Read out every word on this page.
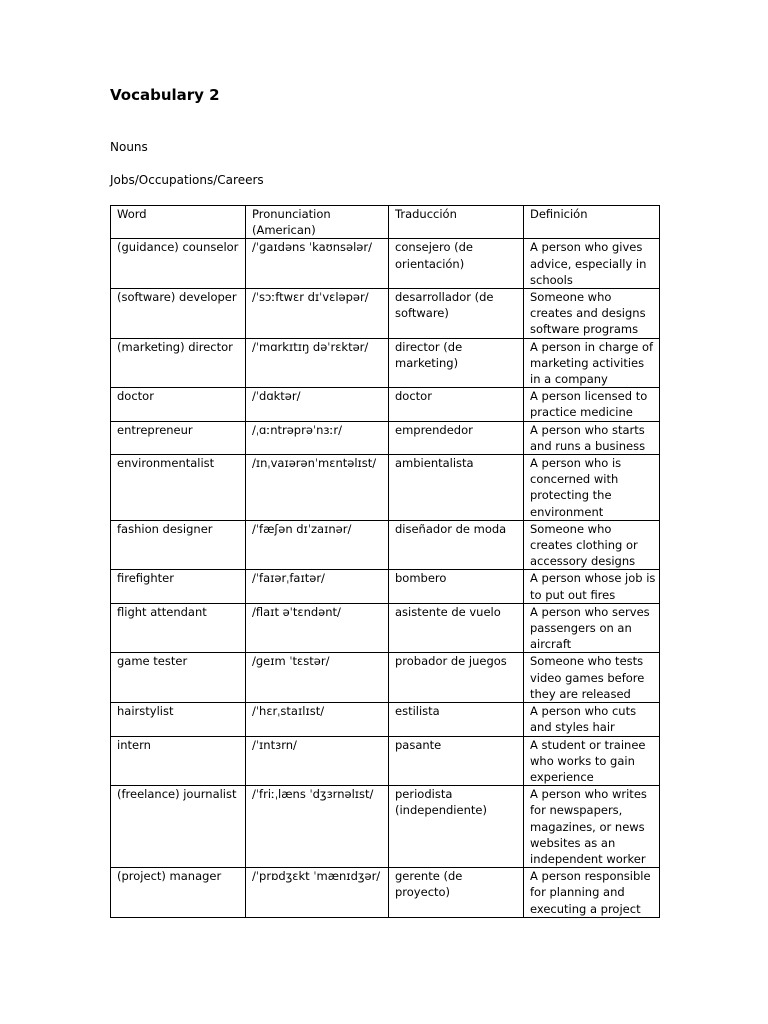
Vocabulary 2

Nouns

Jobs/Occupations/Careers

Word	Pronunciation (American)	Traducción	Definición
(guidance) counselor	/ˈɡaɪdəns ˈkaʊnsələr/	consejero (de orientación)	A person who gives advice, especially in schools
(software) developer	/ˈsɔːftwɛr dɪˈvɛləpər/	desarrollador (de software)	Someone who creates and designs software programs
(marketing) director	/ˈmɑrkɪtɪŋ dəˈrɛktər/	director (de marketing)	A person in charge of marketing activities in a company
doctor	/ˈdɑktər/	doctor	A person licensed to practice medicine
entrepreneur	/ˌɑːntrəprəˈnɜːr/	emprendedor	A person who starts and runs a business
environmentalist	/ɪnˌvaɪərənˈmɛntəlɪst/	ambientalista	A person who is concerned with protecting the environment
fashion designer	/ˈfæʃən dɪˈzaɪnər/	diseñador de moda	Someone who creates clothing or accessory designs
firefighter	/ˈfaɪərˌfaɪtər/	bombero	A person whose job is to put out fires
flight attendant	/flaɪt əˈtɛndənt/	asistente de vuelo	A person who serves passengers on an aircraft
game tester	/ɡeɪm ˈtɛstər/	probador de juegos	Someone who tests video games before they are released
hairstylist	/ˈhɛrˌstaɪlɪst/	estilista	A person who cuts and styles hair
intern	/ˈɪntɜrn/	pasante	A student or trainee who works to gain experience
(freelance) journalist	/ˈfriːˌlæns ˈdʒɜrnəlɪst/	periodista (independiente)	A person who writes for newspapers, magazines, or news websites as an independent worker
(project) manager	/ˈprɒdʒɛkt ˈmænɪdʒər/	gerente (de proyecto)	A person responsible for planning and executing a project
